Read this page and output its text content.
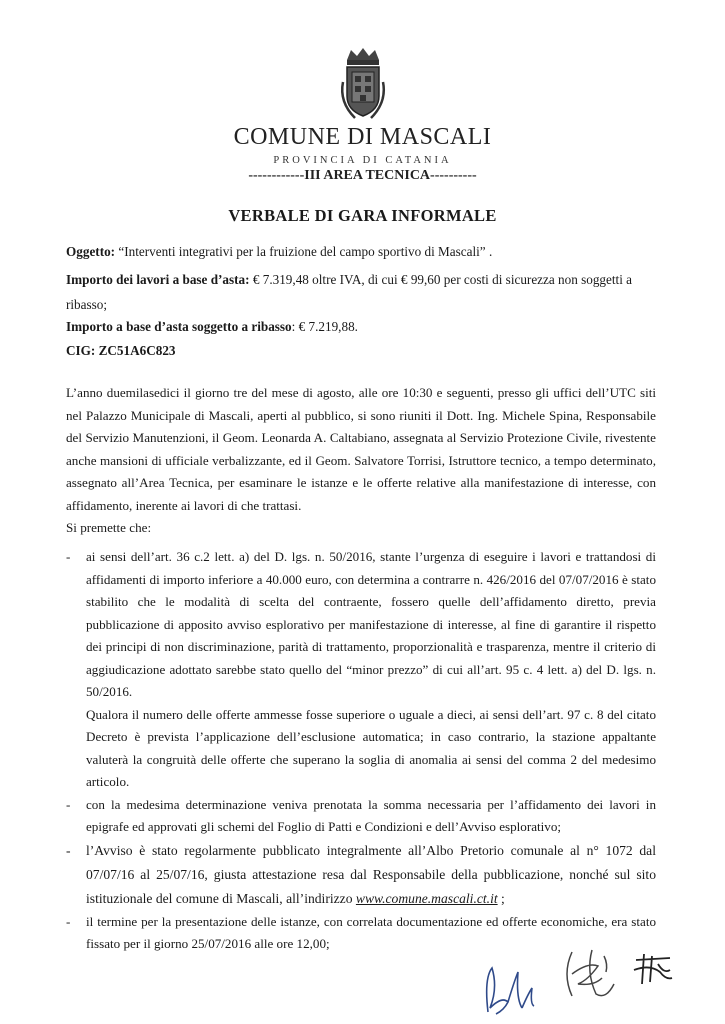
COMUNE DI MASCALI
PROVINCIA DI CATANIA
------------III AREA TECNICA----------
VERBALE DI GARA INFORMALE
Oggetto: “Interventi integrativi per la fruizione del campo sportivo di Mascali” .
Importo dei lavori a base d’asta: € 7.319,48 oltre IVA, di cui € 99,60 per costi di sicurezza non soggetti a
ribasso;
Importo a base d’asta soggetto a ribasso: € 7.219,88.
CIG: ZC51A6C823

L’anno duemilasedici il giorno tre del mese di agosto, alle ore 10:30 e seguenti, presso gli uffici dell’UTC siti nel Palazzo Municipale di Mascali, aperti al pubblico, si sono riuniti il Dott. Ing. Michele Spina, Responsabile del Servizio Manutenzioni, il Geom. Leonarda A. Caltabiano, assegnata al Servizio Protezione Civile, rivestente anche mansioni di ufficiale verbalizzante, ed il Geom. Salvatore Torrisi, Istruttore tecnico, a tempo determinato, assegnato all’Area Tecnica, per esaminare le istanze e le offerte relative alla manifestazione di interesse, con affidamento, inerente ai lavori di che trattasi.

Si premette che:

- ai sensi dell’art. 36 c.2 lett. a) del D. lgs. n. 50/2016, stante l’urgenza di eseguire i lavori e trattandosi di affidamenti di importo inferiore a 40.000 euro, con determina a contrarre n. 426/2016 del 07/07/2016 è stato stabilito che le modalità di scelta del contraente, fossero quelle dell’affidamento diretto, previa pubblicazione di apposito avviso esplorativo per manifestazione di interesse, al fine di garantire il rispetto dei principi di non discriminazione, parità di trattamento, proporzionalità e trasparenza, mentre il criterio di aggiudicazione adottato sarebbe stato quello del “minor prezzo” di cui all’art. 95 c. 4 lett. a) del D. lgs. n. 50/2016.

Qualora il numero delle offerte ammesse fosse superiore o uguale a dieci, ai sensi dell’art. 97 c. 8 del citato Decreto è prevista l’applicazione dell’esclusione automatica; in caso contrario, la stazione appaltante valuterà la congruità delle offerte che superano la soglia di anomalia ai sensi del comma 2 del medesimo articolo.

- con la medesima determinazione veniva prenotata la somma necessaria per l’affidamento dei lavori in epigrafe ed approvati gli schemi del Foglio di Patti e Condizioni e dell’Avviso esplorativo;

- l’Avviso è stato regolarmente pubblicato integralmente all’Albo Pretorio comunale al n° 1072 dal 07/07/16 al 25/07/16, giusta attestazione resa dal Responsabile della pubblicazione, nonché sul sito istituzionale del comune di Mascali, all’indirizzo www.comune.mascali.ct.it ;

- il termine per la presentazione delle istanze, con correlata documentazione ed offerte economiche, era stato fissato per il giorno 25/07/2016 alle ore 12,00;
